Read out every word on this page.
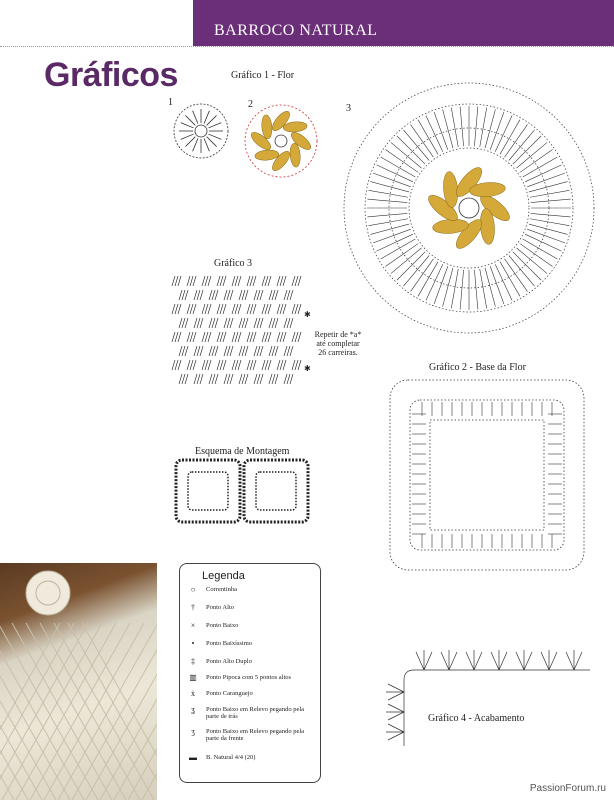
BARROCO NATURAL
Gráficos	Gráfico 1 - Flor
1	2	3
Gráfico 3
✱
✱
Repetir de *a*
até completar
26 carreiras.
Gráfico 2 - Base da Flor
Esquema de Montagem
Legenda
○	Correntinha
†	Ponto Alto
×	Ponto Baixo
•	Ponto Baixíssimo
‡	Ponto Alto Duplo
▥	Ponto Pipoca com 5 pontos altos
ẋ	Ponto Caranguejo
ʓ	Ponto Baixo em Relevo pegando pela parte de trás
ʒ	Ponto Baixo em Relevo pegando pela parte da frente
▬	B. Natural 4/4 (20)
Gráfico 4 - Acabamento
PassionForum.ru
